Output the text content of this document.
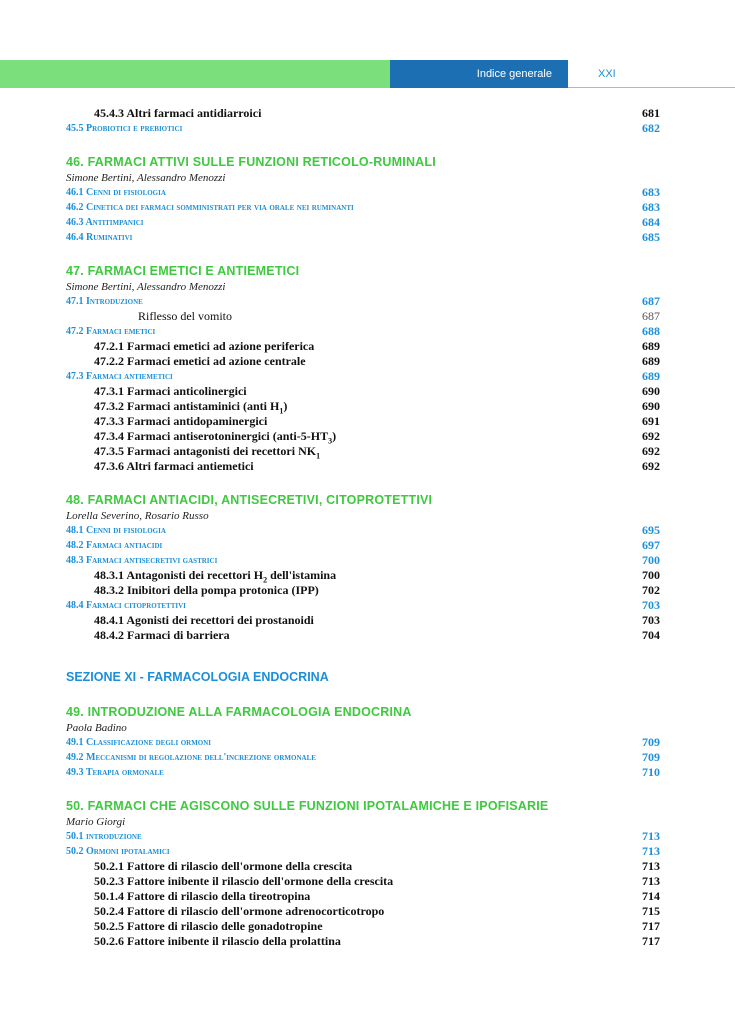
Indice generale	XXI
45.4.3 Altri farmaci antidiarroici	681
45.5 Probiotici e prebiotici	682
46. FARMACI ATTIVI SULLE FUNZIONI RETICOLO-RUMINALI
Simone Bertini, Alessandro Menozzi
46.1 Cenni di fisiologia	683
46.2 Cinetica dei farmaci somministrati per via orale nei ruminanti	683
46.3 Antitimpanici	684
46.4 Ruminativi	685
47. FARMACI EMETICI E ANTIEMETICI
Simone Bertini, Alessandro Menozzi
47.1 Introduzione	687
Riflesso del vomito	687
47.2 Farmaci emetici	688
47.2.1 Farmaci emetici ad azione periferica	689
47.2.2 Farmaci emetici ad azione centrale	689
47.3 Farmaci antiemetici	689
47.3.1 Farmaci anticolinergici	690
47.3.2 Farmaci antistaminici (anti $H_1$)	690
47.3.3 Farmaci antidopaminergici	691
47.3.4 Farmaci antiserotoninergici $(anti-5-HT_3)$	692
47.3.5 Farmaci antagonisti dei recettori $NK_1$	692
47.3.6 Altri farmaci antiemetici	692
48. FARMACI ANTIACIDI, ANTISECRETIVI, CITOPROTETTIVI
Lorella Severino, Rosario Russo
48.1 Cenni di fisiologia	695
48.2 Farmaci antiacidi	697
48.3 Farmaci antisecretivi gastrici	700
48.3.1 Antagonisti dei recettori $H_2$ dell'istamina	700
48.3.2 Inibitori della pompa protonica (IPP)	702
48.4 Farmaci citoprotettivi	703
48.4.1 Agonisti dei recettori dei prostanoidi	703
48.4.2 Farmaci di barriera	704
SEZIONE XI - FARMACOLOGIA ENDOCRINA
49. INTRODUZIONE ALLA FARMACOLOGIA ENDOCRINA
Paola Badino
49.1 Classificazione degli ormoni	709
49.2 Meccanismi di regolazione dell'increzione ormonale	709
49.3 Terapia ormonale	710
50. FARMACI CHE AGISCONO SULLE FUNZIONI IPOTALAMICHE E IPOFISARIE
Mario Giorgi
50.1 introduzione	713
50.2 Ormoni ipotalamici	713
50.2.1 Fattore di rilascio dell'ormone della crescita	713
50.2.3 Fattore inibente il rilascio dell'ormone della crescita	713
50.1.4 Fattore di rilascio della tireotropina	714
50.2.4 Fattore di rilascio dell'ormone adrenocorticotropo	715
50.2.5 Fattore di rilascio delle gonadotropine	717
50.2.6 Fattore inibente il rilascio della prolattina	717
